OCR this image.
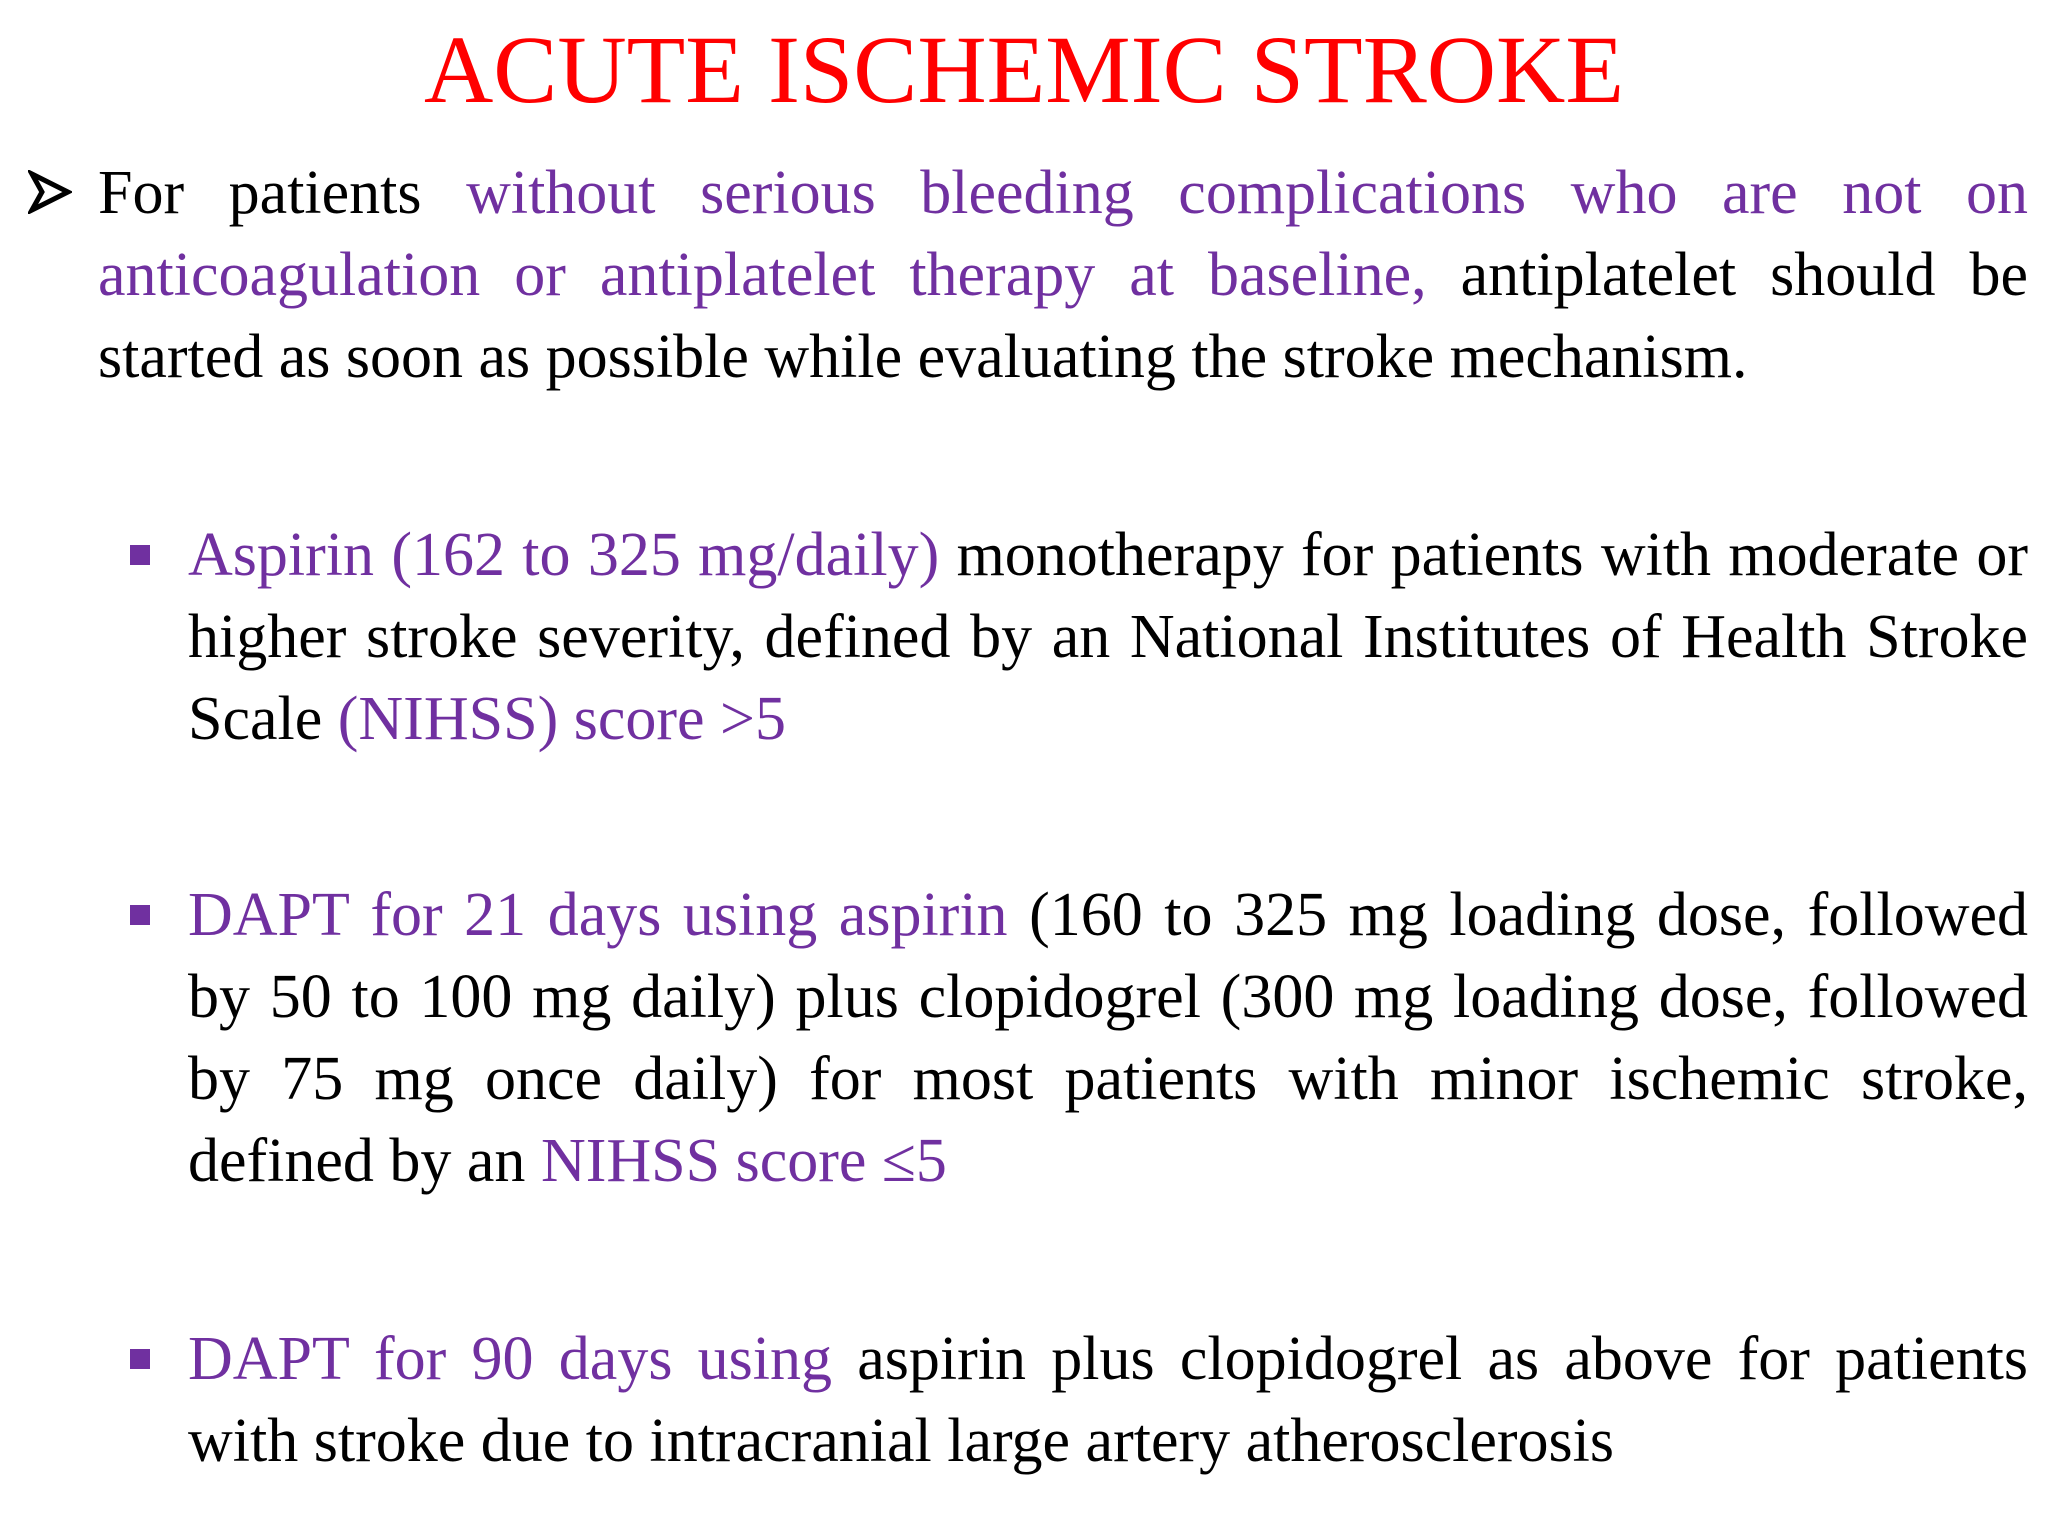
ACUTE ISCHEMIC STROKE

For patients without serious bleeding complications who are not on anticoagulation or antiplatelet therapy at baseline, antiplatelet should be started as soon as possible while evaluating the stroke mechanism.

Aspirin (162 to 325 mg/daily) monotherapy for patients with moderate or higher stroke severity, defined by an National Institutes of Health Stroke Scale (NIHSS) score >5

DAPT for 21 days using aspirin (160 to 325 mg loading dose, followed by 50 to 100 mg daily) plus clopidogrel (300 mg loading dose, followed by 75 mg once daily) for most patients with minor ischemic stroke, defined by an NIHSS score ≤5

DAPT for 90 days using aspirin plus clopidogrel as above for patients with stroke due to intracranial large artery atherosclerosis
